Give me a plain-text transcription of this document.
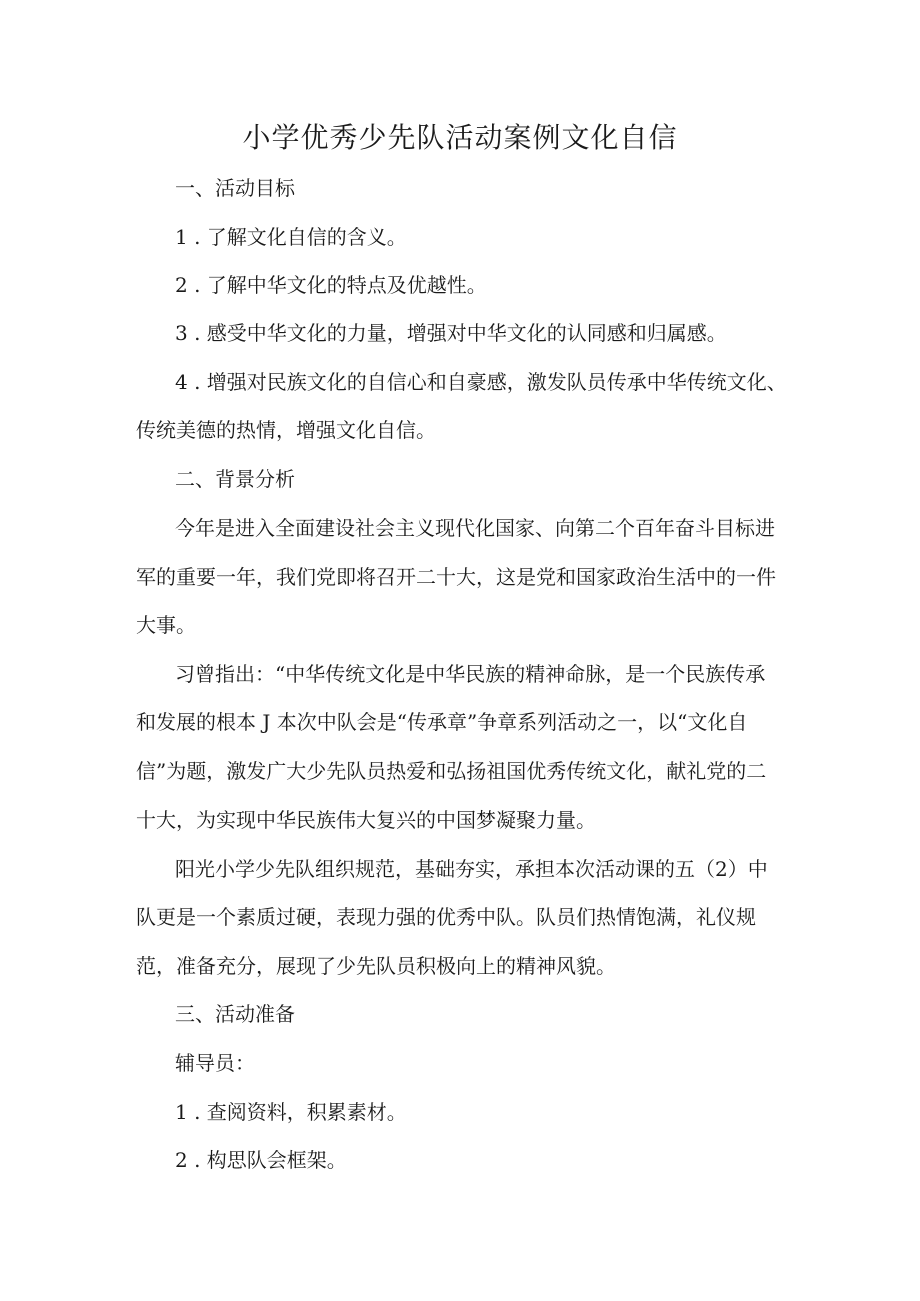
小学优秀少先队活动案例文化自信

一、活动目标

1 . 了解文化自信的含义。

2 . 了解中华文化的特点及优越性。

3 . 感受中华文化的力量，增强对中华文化的认同感和归属感。

4 . 增强对民族文化的自信心和自豪感，激发队员传承中华传统文化、

传统美德的热情，增强文化自信。

二、背景分析

今年是进入全面建设社会主义现代化国家、向第二个百年奋斗目标进

军的重要一年，我们党即将召开二十大，这是党和国家政治生活中的一件

大事。

习曾指出：“中华传统文化是中华民族的精神命脉，是一个民族传承

和发展的根本 J 本次中队会是“传承章”争章系列活动之一，以“文化自

信”为题，激发广大少先队员热爱和弘扬祖国优秀传统文化，献礼党的二

十大，为实现中华民族伟大复兴的中国梦凝聚力量。

阳光小学少先队组织规范，基础夯实，承担本次活动课的五（2）中

队更是一个素质过硬，表现力强的优秀中队。队员们热情饱满，礼仪规

范，准备充分，展现了少先队员积极向上的精神风貌。

三、活动准备

辅导员：

1 . 查阅资料，积累素材。

2 . 构思队会框架。
